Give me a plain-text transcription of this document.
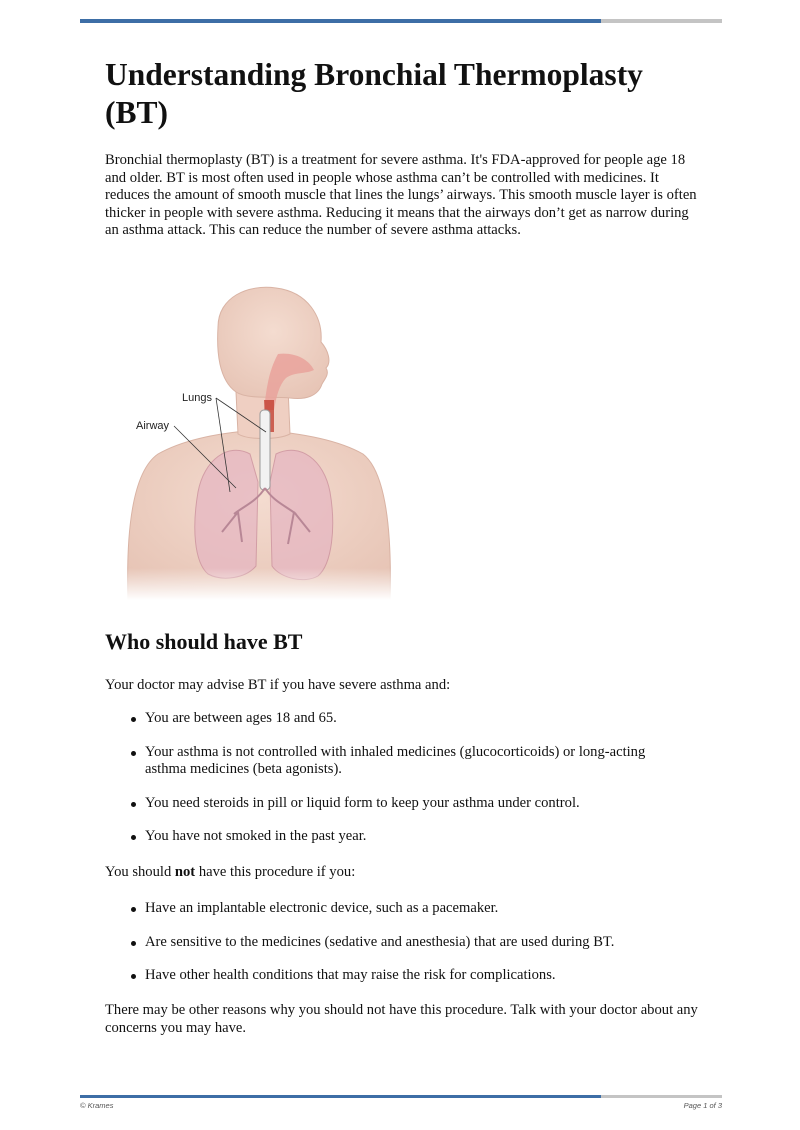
Understanding Bronchial Thermoplasty (BT)

Bronchial thermoplasty (BT) is a treatment for severe asthma. It's FDA-approved for people age 18 and older. BT is most often used in people whose asthma can’t be controlled with medicines. It reduces the amount of smooth muscle that lines the lungs’ airways. This smooth muscle layer is often thicker in people with severe asthma. Reducing it means that the airways don’t get as narrow during an asthma attack. This can reduce the number of severe asthma attacks.

Lungs
Airway
Who should have BT

Your doctor may advise BT if you have severe asthma and:

You are between ages 18 and 65.
Your asthma is not controlled with inhaled medicines (glucocorticoids) or long-acting asthma medicines (beta agonists).
You need steroids in pill or liquid form to keep your asthma under control.
You have not smoked in the past year.

You should not have this procedure if you:

Have an implantable electronic device, such as a pacemaker.
Are sensitive to the medicines (sedative and anesthesia) that are used during BT.
Have other health conditions that may raise the risk for complications.

There may be other reasons why you should not have this procedure. Talk with your doctor about any concerns you may have.

© Krames	Page 1 of 3
